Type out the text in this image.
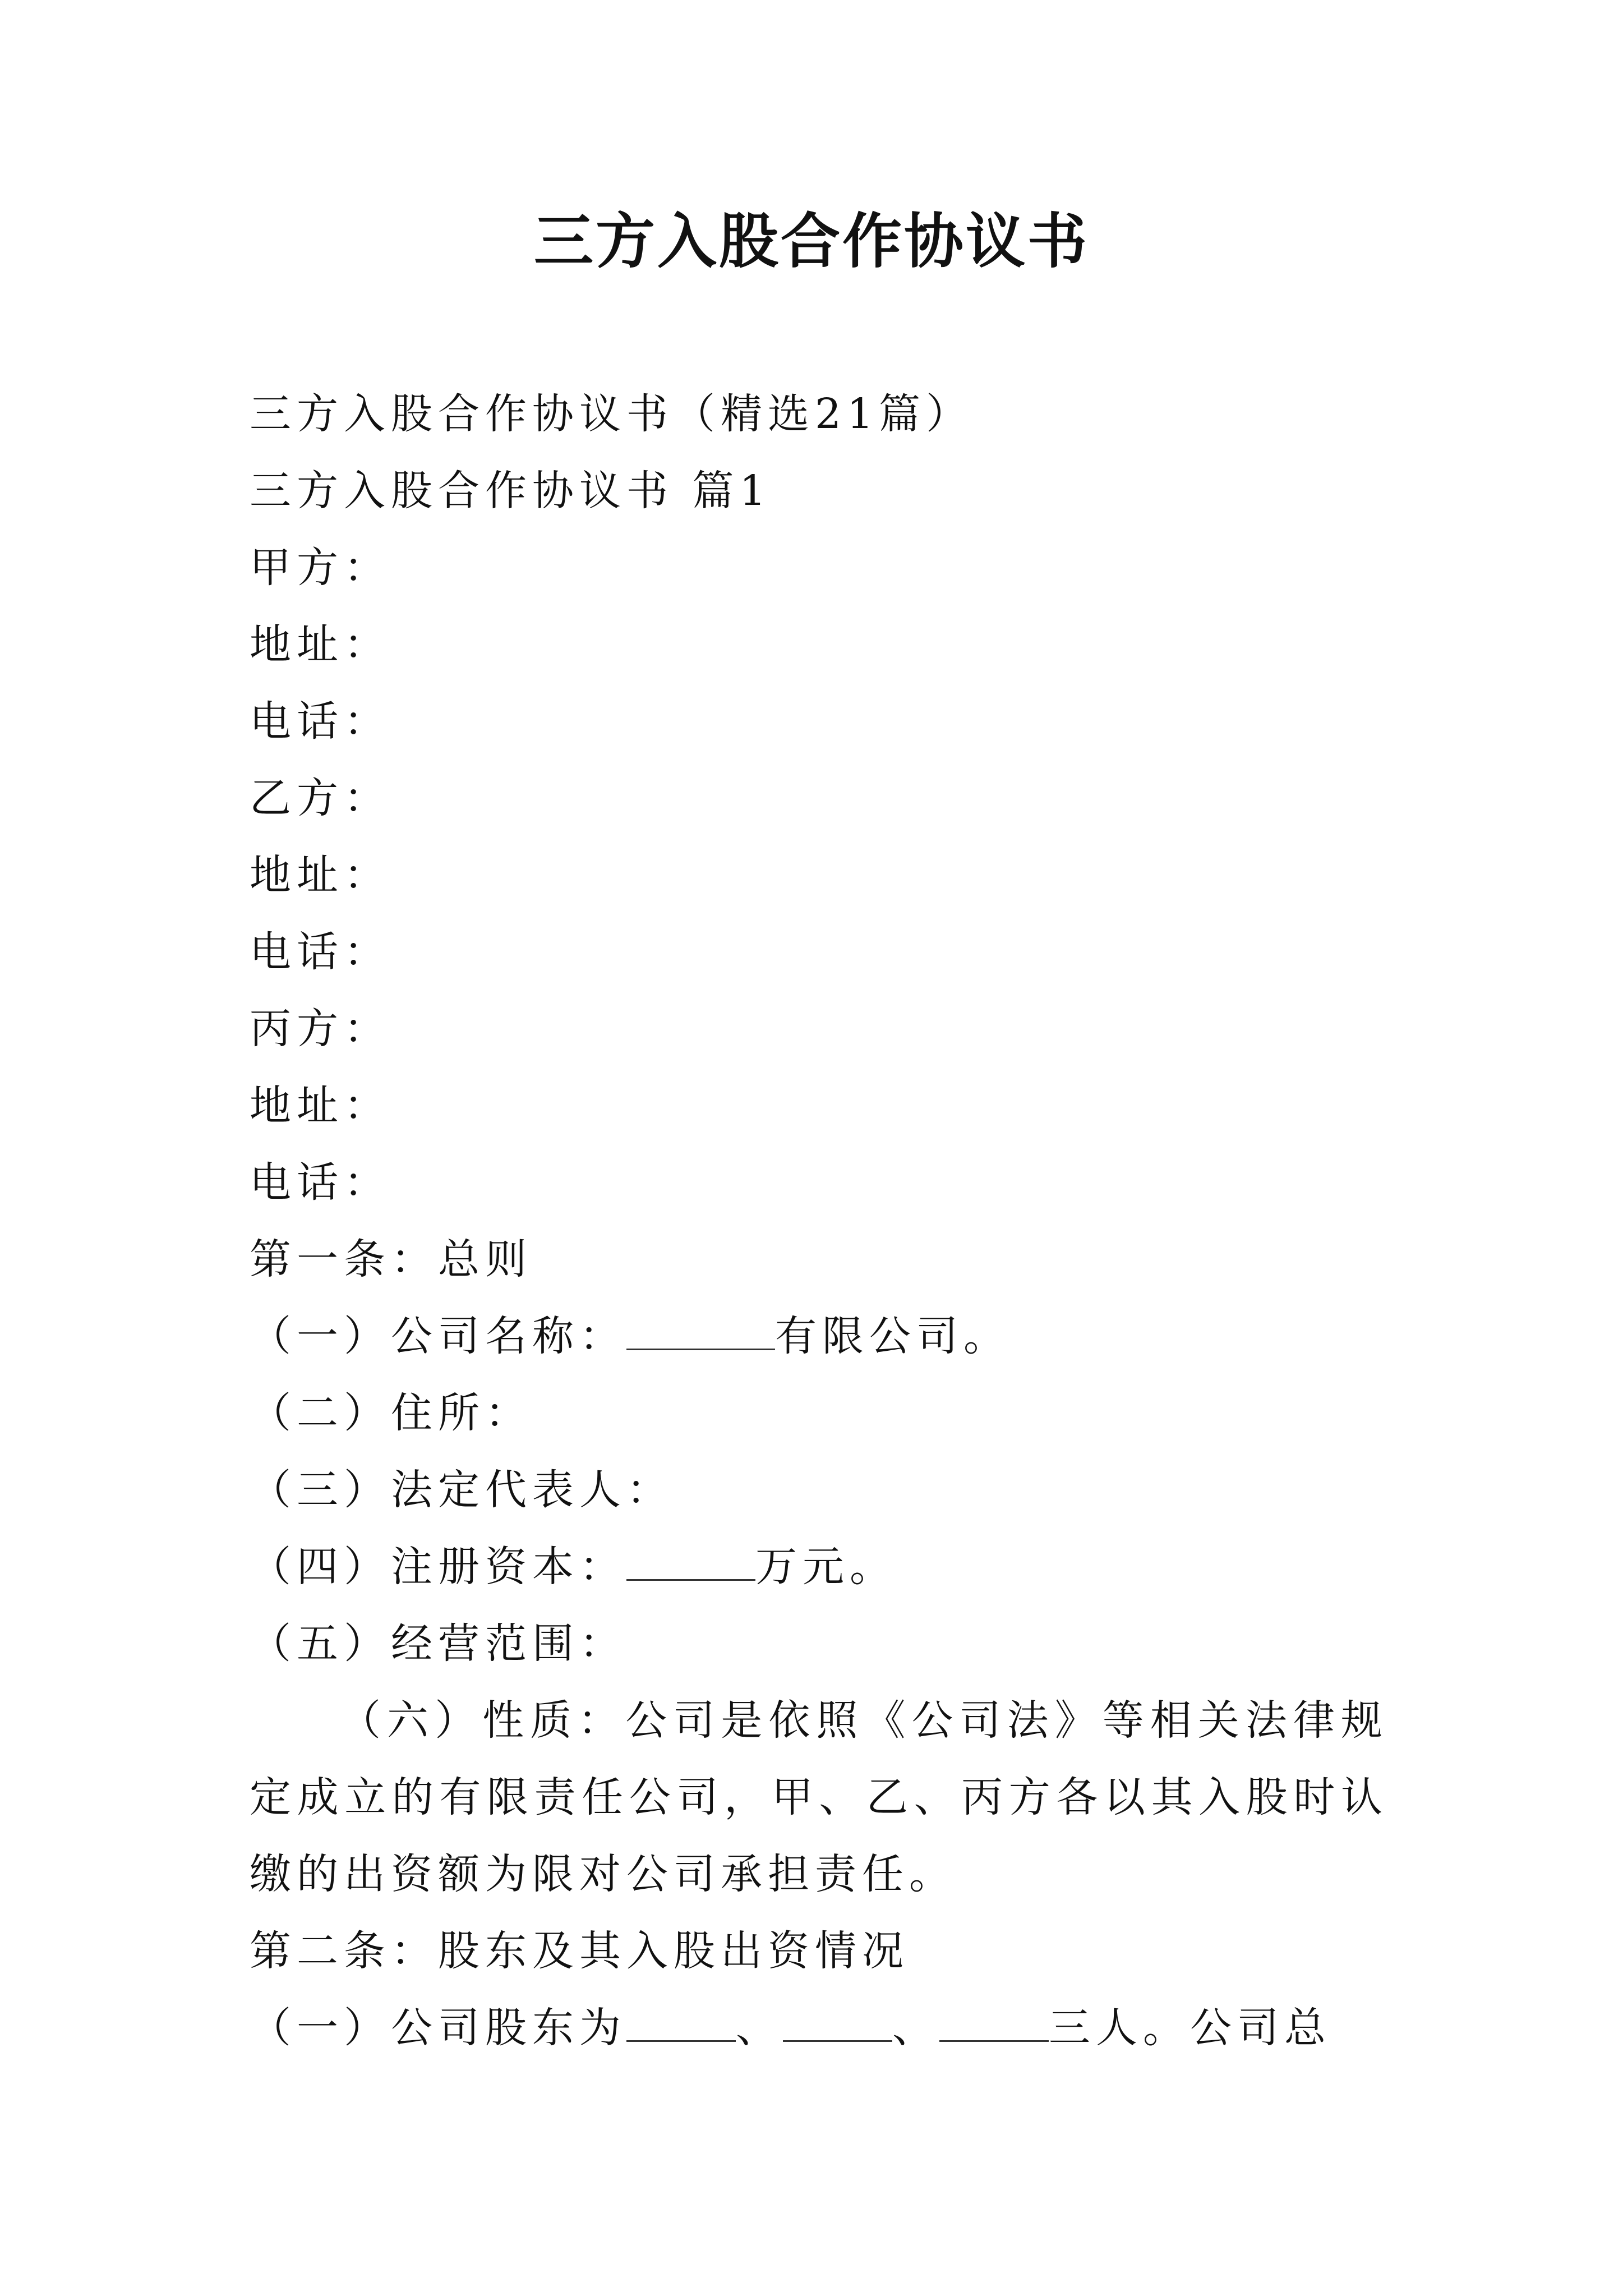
三方入股合作协议书
三方入股合作协议书（精选21篇）
三方入股合作协议书 篇1
甲方：
地址：
电话：
乙方：
地址：
电话：
丙方：
地址：
电话：
第一条：总则
（一）公司名称：	有限公司。
（二）住所：
（三）法定代表人：
（四）注册资本：	万元。
（五）经营范围：
（六）性质：公司是依照《公司法》等相关法律规定成立的有限责任公司，甲、乙、丙方各以其入股时认缴的出资额为限对公司承担责任。
第二条：股东及其入股出资情况
（一）公司股东为	、	、	三人。公司总
